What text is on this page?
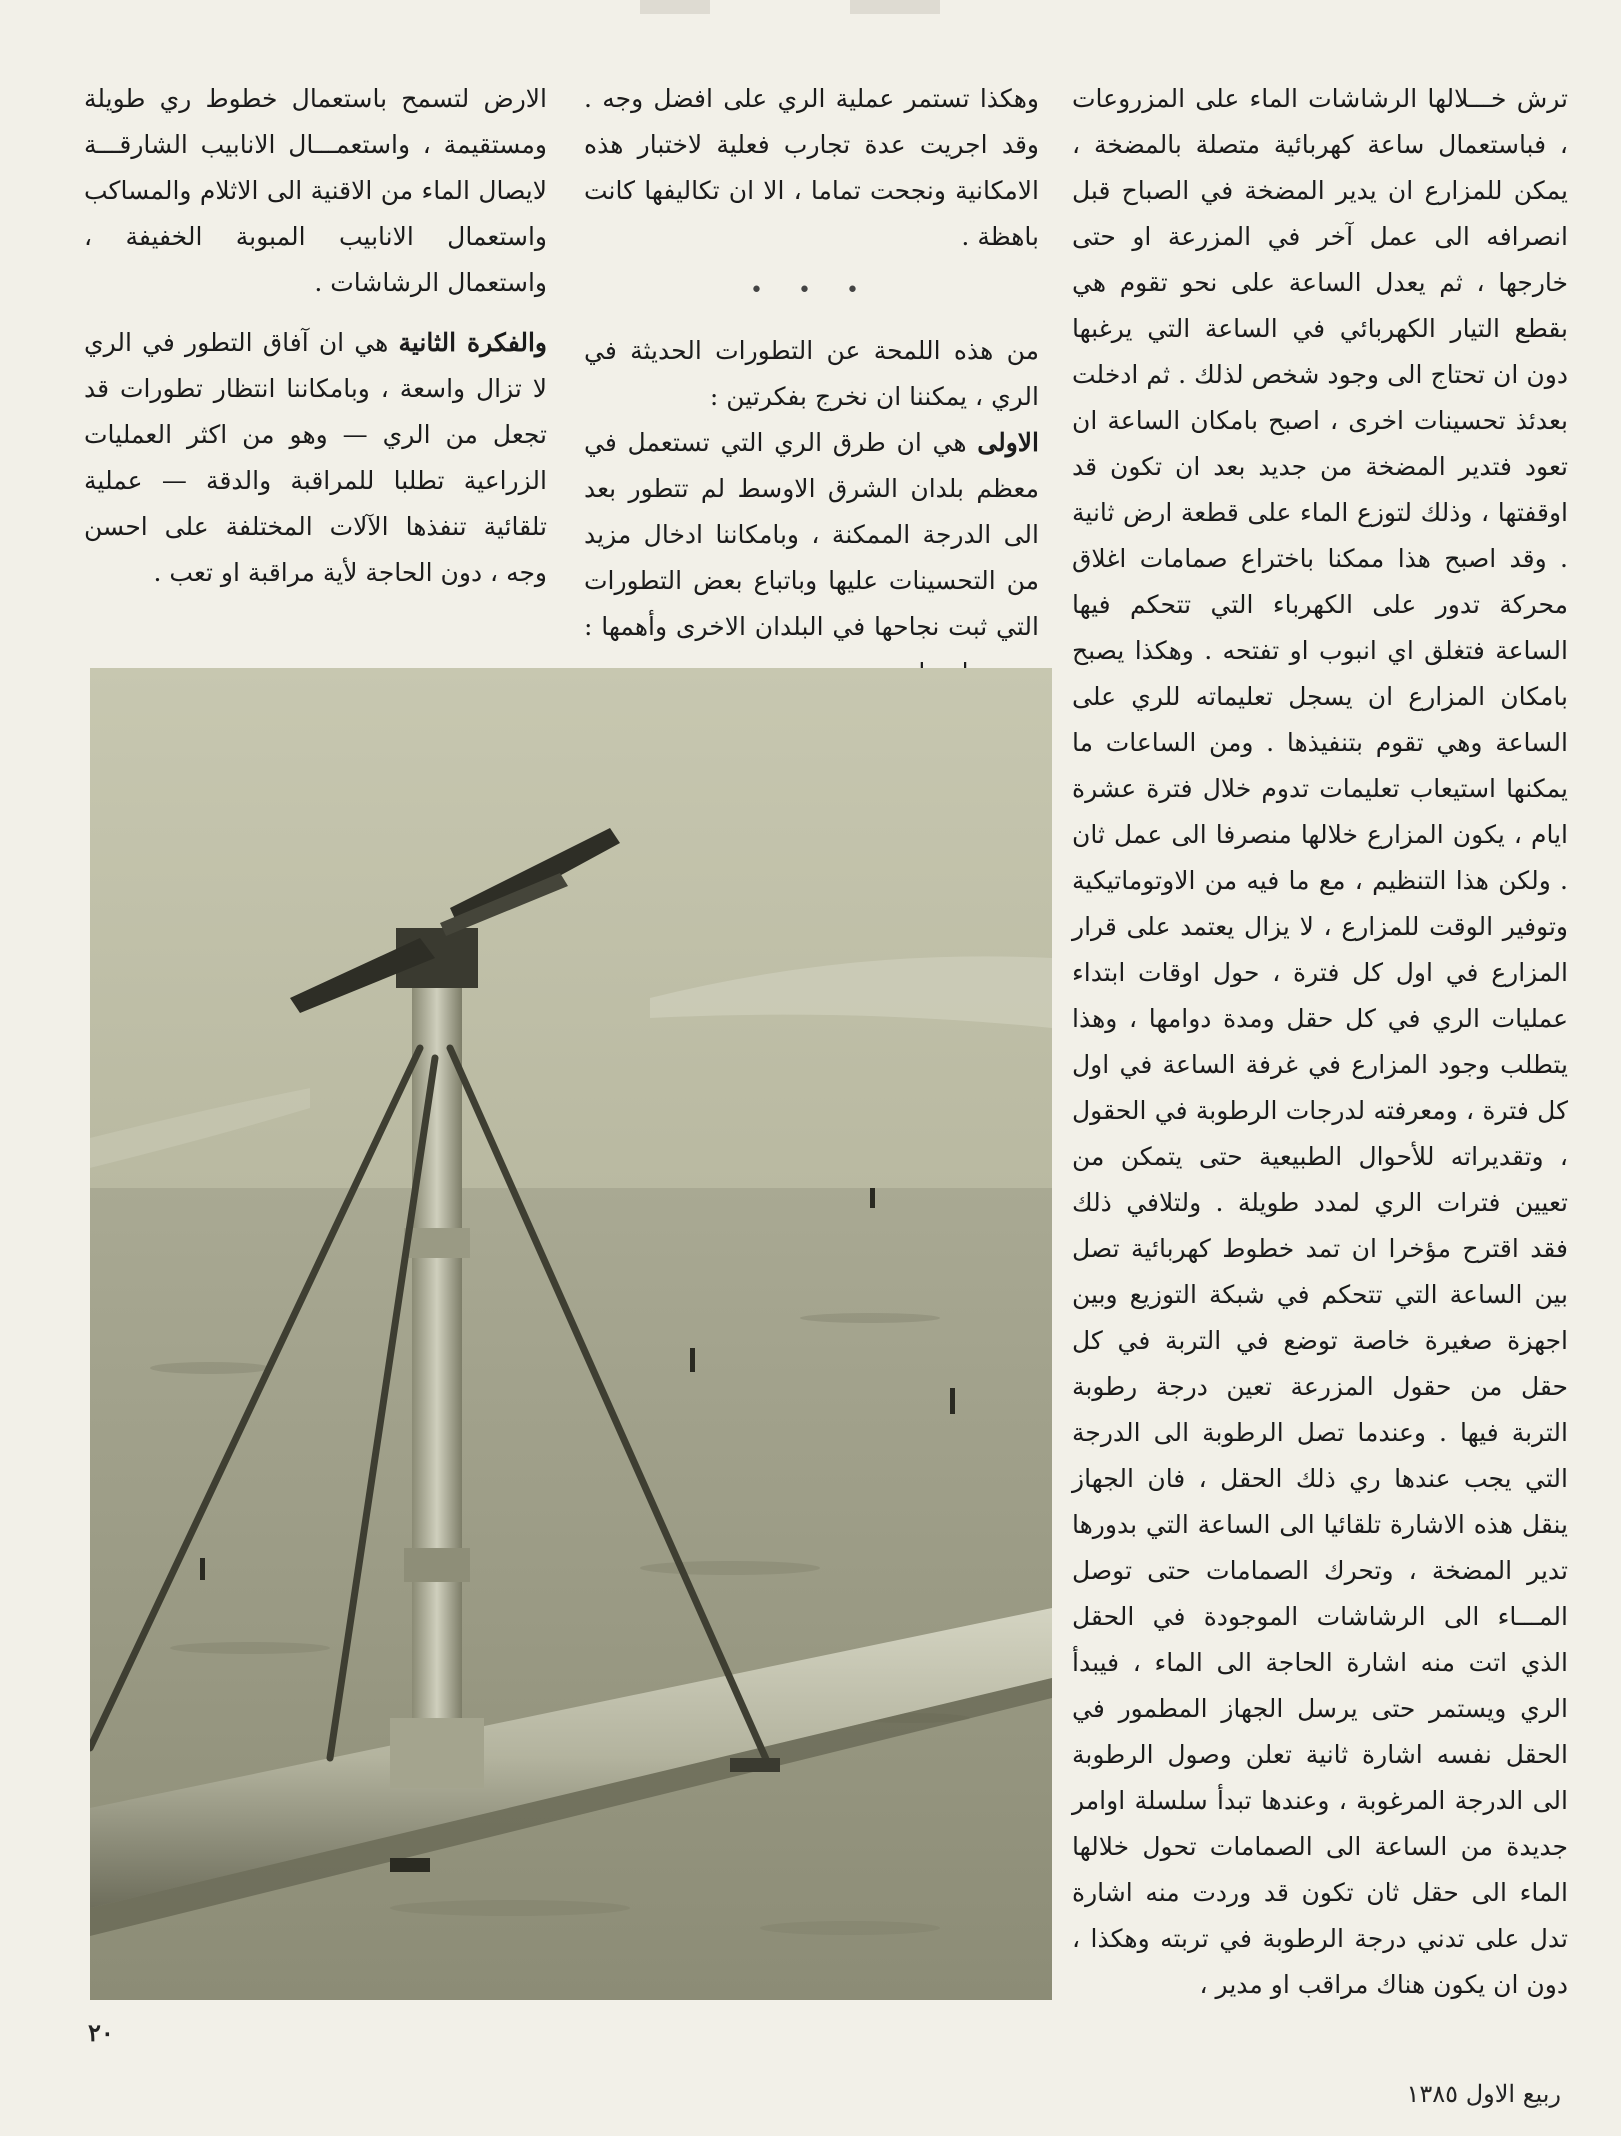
ترش خـــلالها الرشاشات الماء على المزروعات ، فباستعمال ساعة كهربائية متصلة بالمضخة ، يمكن للمزارع ان يدير المضخة في الصباح قبل انصرافه الى عمل آخر في المزرعة او حتى خارجها ، ثم يعدل الساعة على نحو تقوم هي بقطع التيار الكهربائي في الساعة التي يرغبها دون ان تحتاج الى وجود شخص لذلك . ثم ادخلت بعدئذ تحسينات اخرى ، اصبح بامكان الساعة ان تعود فتدير المضخة من جديد بعد ان تكون قد اوقفتها ، وذلك لتوزع الماء على قطعة ارض ثانية . وقد اصبح هذا ممكنا باختراع صمامات اغلاق محركة تدور على الكهرباء التي تتحكم فيها الساعة فتغلق اي انبوب او تفتحه . وهكذا يصبح بامكان المزارع ان يسجل تعليماته للري على الساعة وهي تقوم بتنفيذها . ومن الساعات ما يمكنها استيعاب تعليمات تدوم خلال فترة عشرة ايام ، يكون المزارع خلالها منصرفا الى عمل ثان . ولكن هذا التنظيم ، مع ما فيه من الاوتوماتيكية وتوفير الوقت للمزارع ، لا يزال يعتمد على قرار المزارع في اول كل فترة ، حول اوقات ابتداء عمليات الري في كل حقل ومدة دوامها ، وهذا يتطلب وجود المزارع في غرفة الساعة في اول كل فترة ، ومعرفته لدرجات الرطوبة في الحقول ، وتقديراته للأحوال الطبيعية حتى يتمكن من تعيين فترات الري لمدد طويلة . ولتلافي ذلك فقد اقترح مؤخرا ان تمد خطوط كهربائية تصل بين الساعة التي تتحكم في شبكة التوزيع وبين اجهزة صغيرة خاصة توضع في التربة في كل حقل من حقول المزرعة تعين درجة رطوبة التربة فيها . وعندما تصل الرطوبة الى الدرجة التي يجب عندها ري ذلك الحقل ، فان الجهاز ينقل هذه الاشارة تلقائيا الى الساعة التي بدورها تدير المضخة ، وتحرك الصمامات حتى توصل المـــاء الى الرشاشات الموجودة في الحقل الذي اتت منه اشارة الحاجة الى الماء ، فيبدأ الري ويستمر حتى يرسل الجهاز المطمور في الحقل نفسه اشارة ثانية تعلن وصول الرطوبة الى الدرجة المرغوبة ، وعندها تبدأ سلسلة اوامر جديدة من الساعة الى الصمامات تحول خلالها الماء الى حقل ثان تكون قد وردت منه اشارة تدل على تدني درجة الرطوبة في تربته وهكذا ، دون ان يكون هناك مراقب او مدير ،

وهكذا تستمر عملية الري على افضل وجه . وقد اجريت عدة تجارب فعلية لاختبار هذه الامكانية ونجحت تماما ، الا ان تكاليفها كانت باهظة .

• • •

من هذه اللمحة عن التطورات الحديثة في الري ، يمكننا ان نخرج بفكرتين :

الاولى هي ان طرق الري التي تستعمل في معظم بلدان الشرق الاوسط لم تتطور بعد الى الدرجة الممكنة ، وبامكاننا ادخال مزيد من التحسينات عليها وباتباع بعض التطورات التي ثبت نجاحها في البلدان الاخرى وأهمها :

الارض لتسمح باستعمال خطوط ري طويلة ومستقيمة ، واستعمـــال الانابيب الشارقـــة لايصال الماء من الاقنية الى الاثلام والمساكب واستعمال الانابيب المبوبة الخفيفة ، واستعمال الرشاشات .

والفكرة الثانية هي ان آفاق التطور في الري لا تزال واسعة ، وبامكاننا انتظار تطورات قد تجعل من الري — وهو من اكثر العمليات الزراعية تطلبا للمراقبة والدقة — عملية تلقائية تنفذها الآلات المختلفة على احسن وجه ، دون الحاجة لأية مراقبة او تعب .

٢٠
ربيع الاول ١٣٨٥
